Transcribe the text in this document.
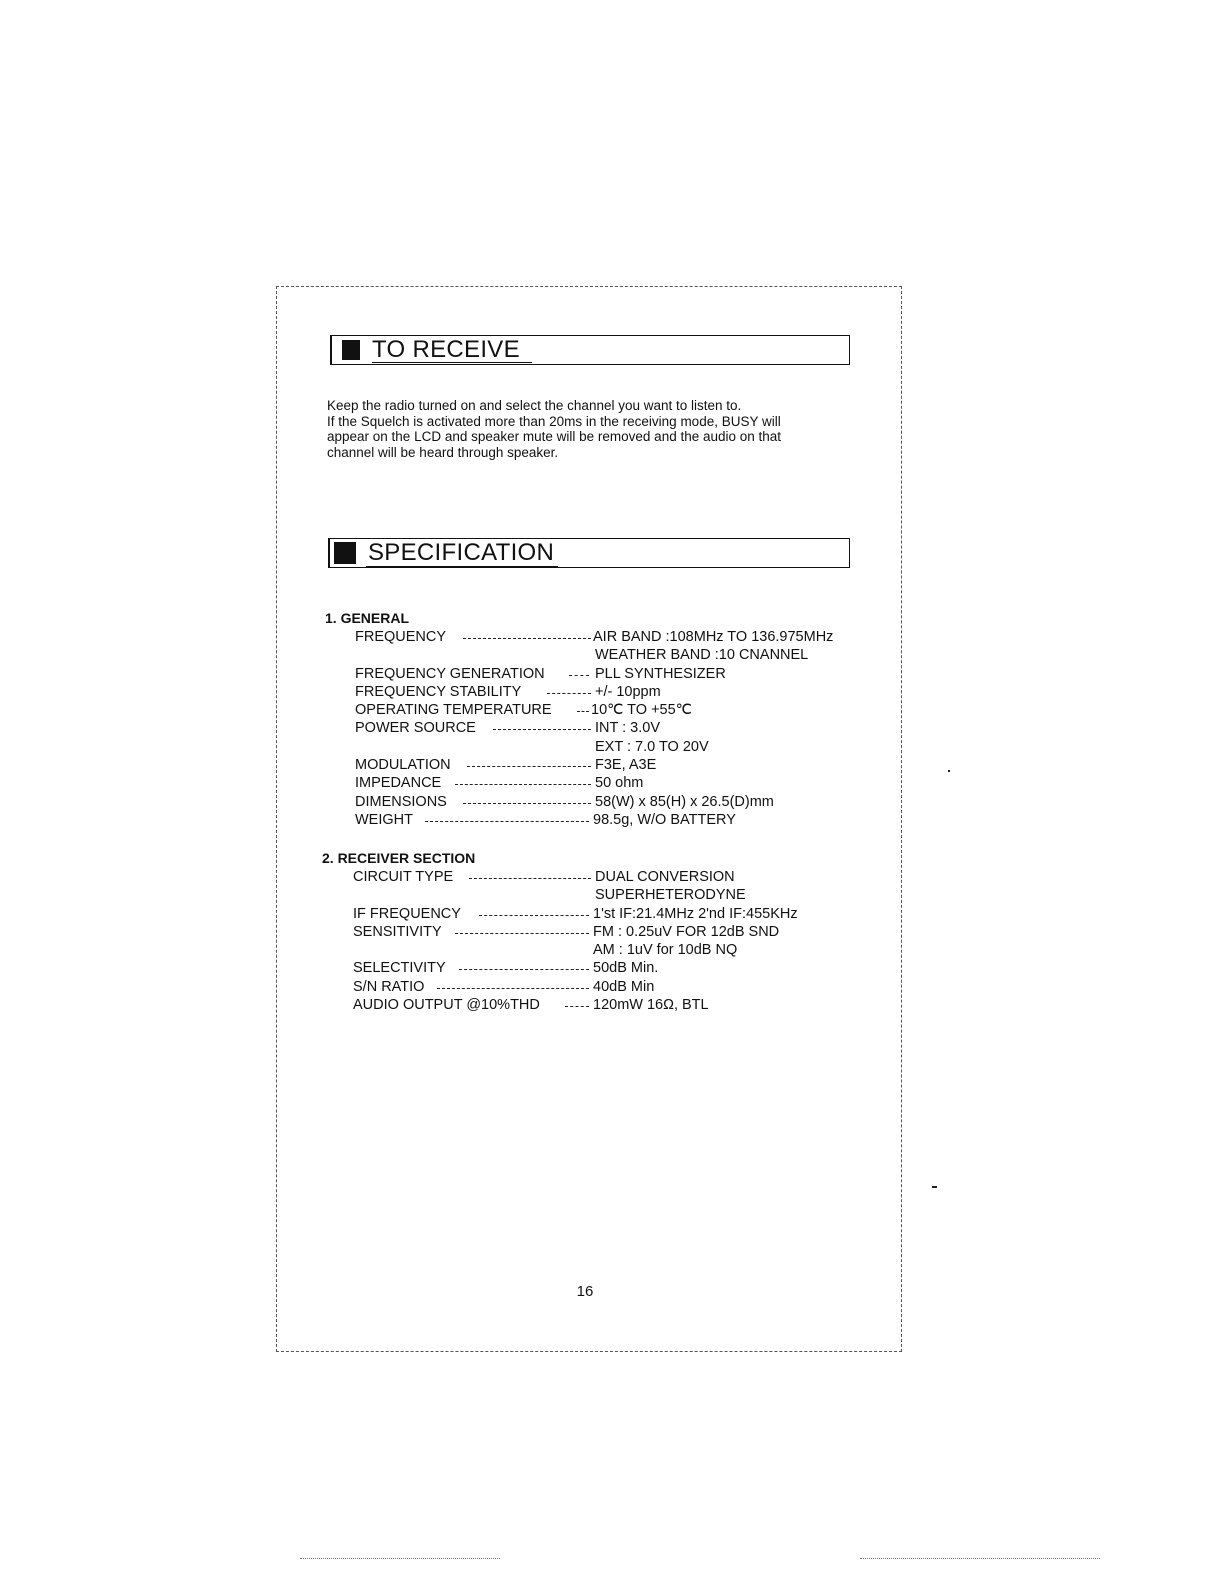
TO RECEIVE

Keep the radio turned on and select the channel you want to listen to.

If the Squelch is activated more than 20ms in the receiving mode, BUSY will

appear on the LCD and speaker mute will be removed and the audio on that

channel will be heard through speaker.

SPECIFICATION
1. GENERAL
FREQUENCY	AIR BAND :108MHz TO 136.975MHz
WEATHER BAND :10 CNANNEL
FREQUENCY GENERATION	PLL SYNTHESIZER
FREQUENCY STABILITY	+/- 10ppm
OPERATING TEMPERATURE	10℃ TO +55℃
POWER SOURCE	INT : 3.0V
EXT : 7.0 TO 20V
MODULATION	F3E, A3E
IMPEDANCE	50 ohm
DIMENSIONS	58(W) x 85(H) x 26.5(D)mm
WEIGHT	98.5g, W/O BATTERY
2. RECEIVER SECTION
CIRCUIT TYPE	DUAL CONVERSION
SUPERHETERODYNE
IF FREQUENCY	1'st IF:21.4MHz 2'nd IF:455KHz
SENSITIVITY	FM : 0.25uV FOR 12dB SND
AM : 1uV for 10dB NQ
SELECTIVITY	50dB Min.
S/N RATIO	40dB Min
AUDIO OUTPUT @10%THD	120mW 16Ω, BTL
16
